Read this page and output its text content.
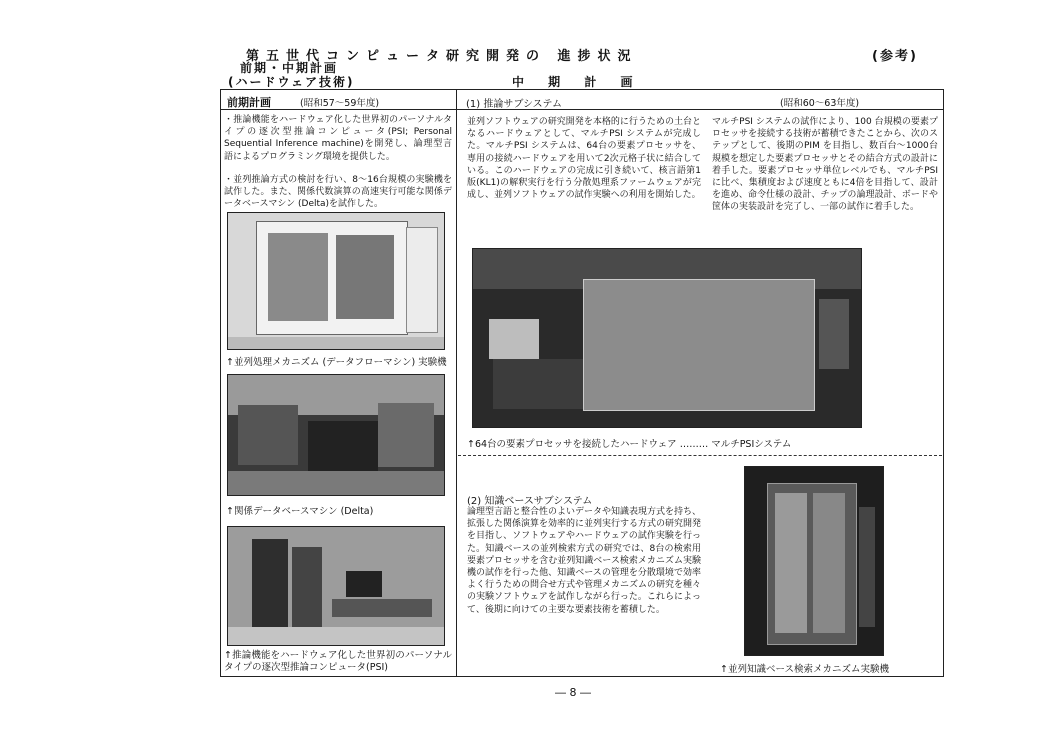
第五世代コンピュータ研究開発の 進捗状況	(参考)
前期・中期計画
(ハードウェア技術)	中 期 計 画
前期計画	(昭和57〜59年度)
・推論機能をハードウェア化した世界初のパーソナルタイプの逐次型推論コンピュータ(PSI; Personal Sequential Inference machine)を開発し、論理型言語によるプログラミング環境を提供した。
・並列推論方式の検討を行い、8〜16台規模の実験機を試作した。また、関係代数演算の高速実行可能な関係データベースマシン (Delta)を試作した。
↑並列処理メカニズム (データフローマシン) 実験機
↑関係データベースマシン (Delta)
↑推論機能をハードウェア化した世界初のパーソナルタイプの逐次型推論コンピュータ(PSI)
(1) 推論サブシステム	(昭和60〜63年度)
並列ソフトウェアの研究開発を本格的に行うための土台となるハードウェアとして、マルチPSI システムが完成した。マルチPSI システムは、64台の要素プロセッサを、専用の接続ハードウェアを用いて2次元格子状に結合している。このハードウェアの完成に引き続いて、核言語第1版(KL1)の解釈実行を行う分散処理系ファームウェアが完成し、並列ソフトウェアの試作実験への利用を開始した。
マルチPSI システムの試作により、100 台規模の要素プロセッサを接続する技術が蓄積できたことから、次のステップとして、後期のPIM を目指し、数百台〜1000台規模を想定した要素プロセッサとその結合方式の設計に着手した。要素プロセッサ単位レベルでも、マルチPSI に比べ、集積度および速度ともに4倍を目指して、設計を進め、命令仕様の設計、チップの論理設計、ボードや筐体の実装設計を完了し、一部の試作に着手した。
↑64台の要素プロセッサを接続したハードウェア ……… マルチPSIシステム
(2) 知識ベースサブシステム
論理型言語と整合性のよいデータや知識表現方式を持ち、拡張した関係演算を効率的に並列実行する方式の研究開発を目指し、ソフトウェアやハードウェアの試作実験を行った。知識ベースの並列検索方式の研究では、8台の検索用要素プロセッサを含む並列知識ベース検索メカニズム実験機の試作を行った他、知識ベースの管理を分散環境で効率よく行うための問合せ方式や管理メカニズムの研究を種々の実験ソフトウェアを試作しながら行った。これらによって、後期に向けての主要な要素技術を蓄積した。
↑並列知識ベース検索メカニズム実験機
― 8 ―
